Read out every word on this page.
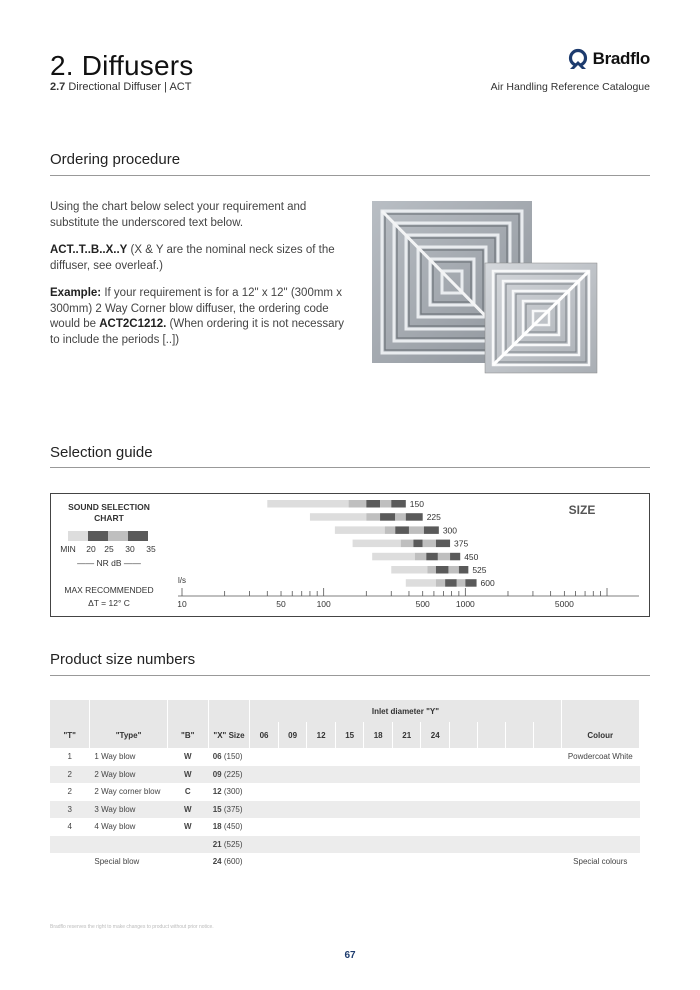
2. Diffusers
2.7 Directional Diffuser | ACT
Bradflo
Air Handling Reference Catalogue
Ordering procedure

Using the chart below select your requirement and substitute the underscored text below.

ACT..T..B..X..Y (X & Y are the nominal neck sizes of the diffuser, see overleaf.)

Example: If your requirement is for a 12" x 12" (300mm x 300mm) 2 Way Corner blow diffuser, the ordering code would be ACT2C1212. (When ordering it is not necessary to include the periods [..])

Selection guide
SOUND SELECTION
CHART
MIN 20 25 30 35
—— NR dB ——
MAX RECOMMENDED
ΔT = 12° C
l/s
10	50	100	500	1000	5000
SIZE
150
225
300
375
450
525
600
Product size numbers
				Inlet diameter "Y"											
"T"	"Type"	"B"	"X" Size	06	09	12	15	18	21	24					Colour
1	1 Way blow	W	06 (150)												Powdercoat White
2	2 Way blow	W	09 (225)												
2	2 Way corner blow	C	12 (300)												
3	3 Way blow	W	15 (375)												
4	4 Way blow	W	18 (450)												
			21 (525)												
	Special blow		24 (600)												Special colours
Bradflo reserves the right to make changes to product without prior notice.
67
